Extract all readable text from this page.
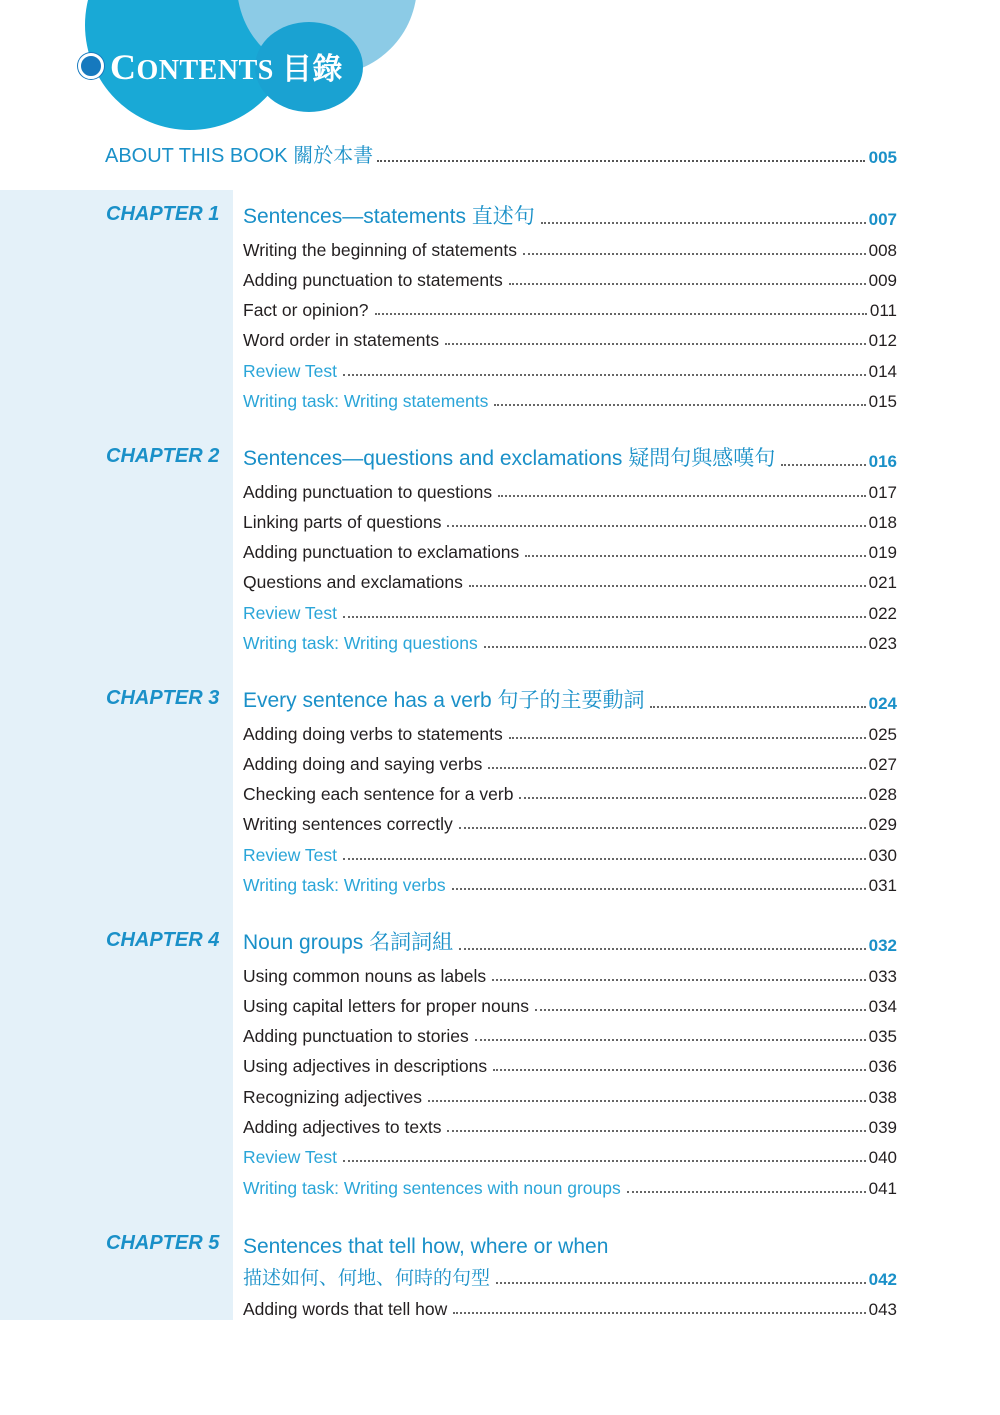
CONTENTS 目錄
ABOUT THIS BOOK 關於本書	005
CHAPTER 1 Sentences—statements 直述句	007
Writing the beginning of statements	008
Adding punctuation to statements	009
Fact or opinion?	011
Word order in statements	012
Review Test	014
Writing task: Writing statements	015
CHAPTER 2 Sentences—questions and exclamations 疑問句與感嘆句	016
Adding punctuation to questions	017
Linking parts of questions	018
Adding punctuation to exclamations	019
Questions and exclamations	021
Review Test	022
Writing task: Writing questions	023
CHAPTER 3 Every sentence has a verb 句子的主要動詞	024
Adding doing verbs to statements	025
Adding doing and saying verbs	027
Checking each sentence for a verb	028
Writing sentences correctly	029
Review Test	030
Writing task: Writing verbs	031
CHAPTER 4 Noun groups 名詞詞組	032
Using common nouns as labels	033
Using capital letters for proper nouns	034
Adding punctuation to stories	035
Using adjectives in descriptions	036
Recognizing adjectives	038
Adding adjectives to texts	039
Review Test	040
Writing task: Writing sentences with noun groups	041
CHAPTER 5 Sentences that tell how, where or when
描述如何、何地、何時的句型	042
Adding words that tell how	043
